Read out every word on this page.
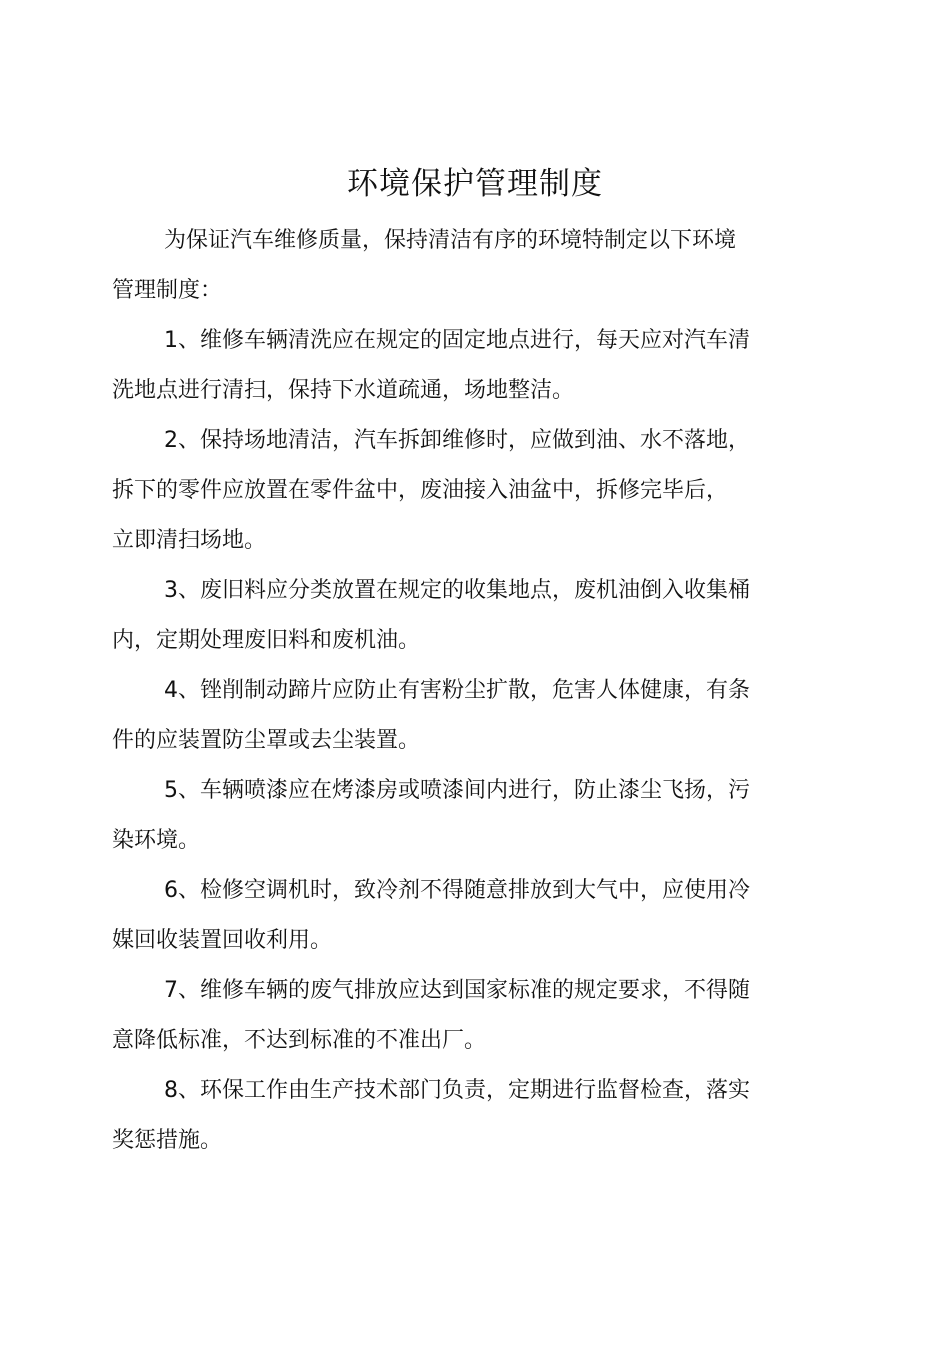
环境保护管理制度

为保证汽车维修质量，保持清洁有序的环境特制定以下环境
管理制度：

1、维修车辆清洗应在规定的固定地点进行，每天应对汽车清
洗地点进行清扫，保持下水道疏通，场地整洁。

2、保持场地清洁，汽车拆卸维修时，应做到油、水不落地，
拆下的零件应放置在零件盆中，废油接入油盆中，拆修完毕后，
立即清扫场地。

3、废旧料应分类放置在规定的收集地点，废机油倒入收集桶
内，定期处理废旧料和废机油。

4、锉削制动蹄片应防止有害粉尘扩散，危害人体健康，有条
件的应装置防尘罩或去尘装置。

5、车辆喷漆应在烤漆房或喷漆间内进行，防止漆尘飞扬，污
染环境。

6、检修空调机时，致冷剂不得随意排放到大气中，应使用冷
媒回收装置回收利用。

7、维修车辆的废气排放应达到国家标准的规定要求，不得随
意降低标准，不达到标准的不准出厂。

8、环保工作由生产技术部门负责，定期进行监督检查，落实
奖惩措施。
